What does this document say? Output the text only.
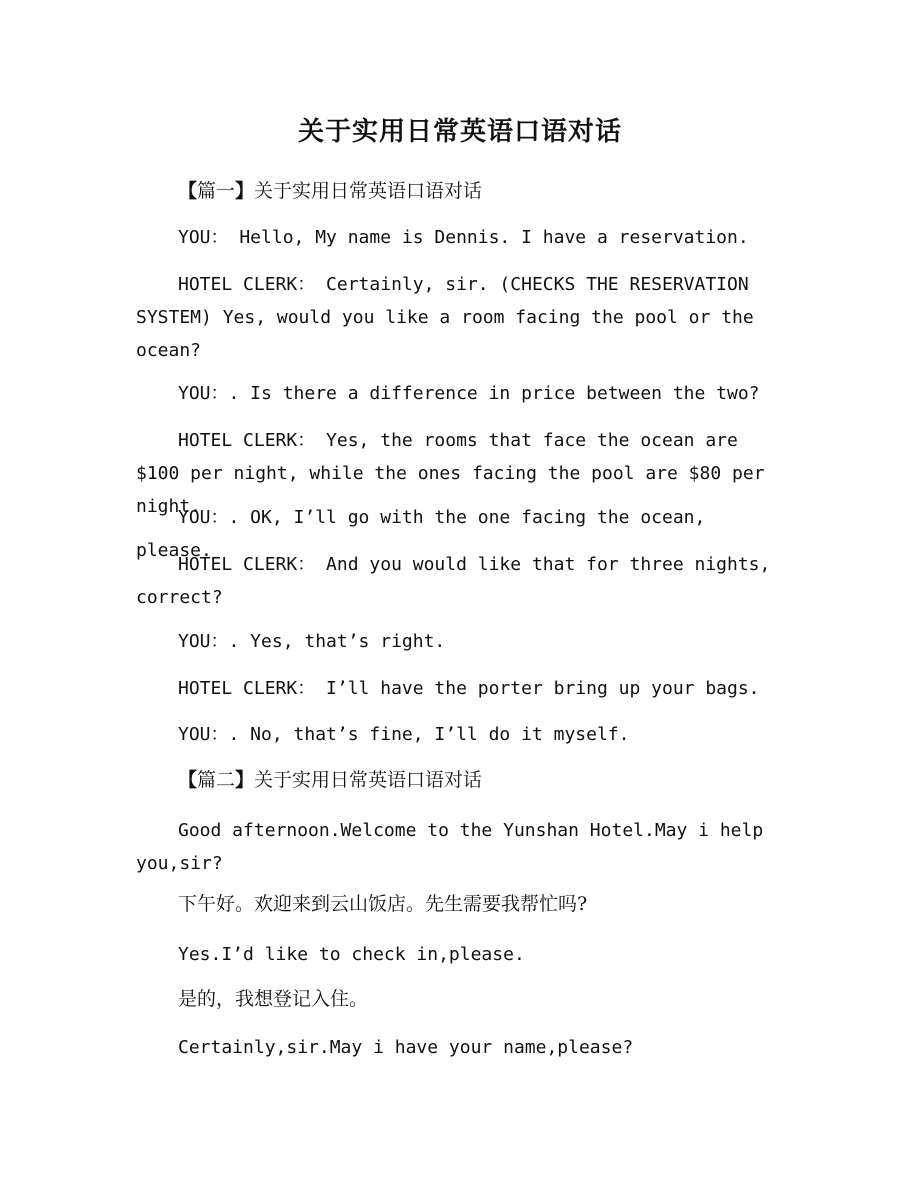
关于实用日常英语口语对话

【篇一】关于实用日常英语口语对话

YOU： Hello, My name is Dennis. I have a reservation.

HOTEL CLERK： Certainly, sir. (CHECKS THE RESERVATION SYSTEM) Yes, would you like a room facing the pool or the ocean?

YOU：. Is there a difference in price between the two?

HOTEL CLERK： Yes, the rooms that face the ocean are $100 per night, while the ones facing the pool are $80 per night.

YOU：. OK, I’ll go with the one facing the ocean, please.

HOTEL CLERK： And you would like that for three nights, correct?

YOU：. Yes, that’s right.

HOTEL CLERK： I’ll have the porter bring up your bags.

YOU：. No, that’s fine, I’ll do it myself.

【篇二】关于实用日常英语口语对话

Good afternoon.Welcome to the Yunshan Hotel.May i help you,sir?

下午好。欢迎来到云山饭店。先生需要我帮忙吗?

Yes.I’d like to check in,please.

是的，我想登记入住。

Certainly,sir.May i have your name,please?
